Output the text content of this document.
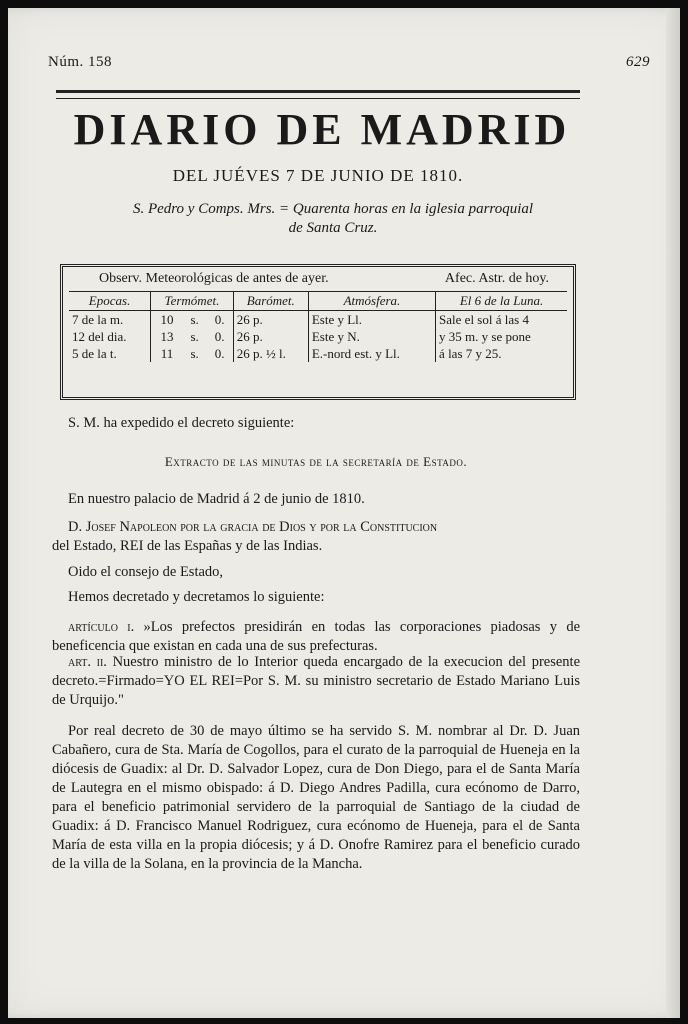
Núm. 158	629
DIARIO DE MADRID
DEL JUÉVES 7 DE JUNIO DE 1810.
S. Pedro y Comps. Mrs. = Quarenta horas en la iglesia parroquial
de Santa Cruz.
Observ. Meteorológicas de antes de ayer.	Afec. Astr. de hoy.
Epocas.	Termómet.			Barómet.	Atmósfera.	El 6 de la Luna.
7 de la m.	10	s.	0.	26 p.	Este y Ll.	Sale el sol á las 4
12 del dia.	13	s.	0.	26 p.	Este y N.	y 35 m. y se pone
5 de la t.	11	s.	0.	26 p. ½ l.	E.-nord est. y Ll.	á las 7 y 25.
S. M. ha expedido el decreto siguiente:
Extracto de las minutas de la secretaría de Estado.
En nuestro palacio de Madrid á 2 de junio de 1810.
D. Josef Napoleon por la gracia de Dios y por la Constitucion
del Estado, REI de las Españas y de las Indias.
Oido el consejo de Estado,
Hemos decretado y decretamos lo siguiente:
artículo i. »Los prefectos presidirán en todas las corporaciones piadosas y de beneficencia que existan en cada una de sus prefecturas.
art. ii. Nuestro ministro de lo Interior queda encargado de la execucion del presente decreto.=Firmado=YO EL REI=Por S. M. su ministro secretario de Estado Mariano Luis de Urquijo."
Por real decreto de 30 de mayo último se ha servido S. M. nombrar al Dr. D. Juan Cabañero, cura de Sta. María de Cogollos, para el curato de la parroquial de Hueneja en la diócesis de Guadix: al Dr. D. Salvador Lopez, cura de Don Diego, para el de Santa María de Lautegra en el mismo obispado: á D. Diego Andres Padilla, cura ecónomo de Darro, para el beneficio patrimonial servidero de la parroquial de Santiago de la ciudad de Guadix: á D. Francisco Manuel Rodriguez, cura ecónomo de Hueneja, para el de Santa María de esta villa en la propia diócesis; y á D. Onofre Ramirez para el beneficio curado de la villa de la Solana, en la provincia de la Mancha.
